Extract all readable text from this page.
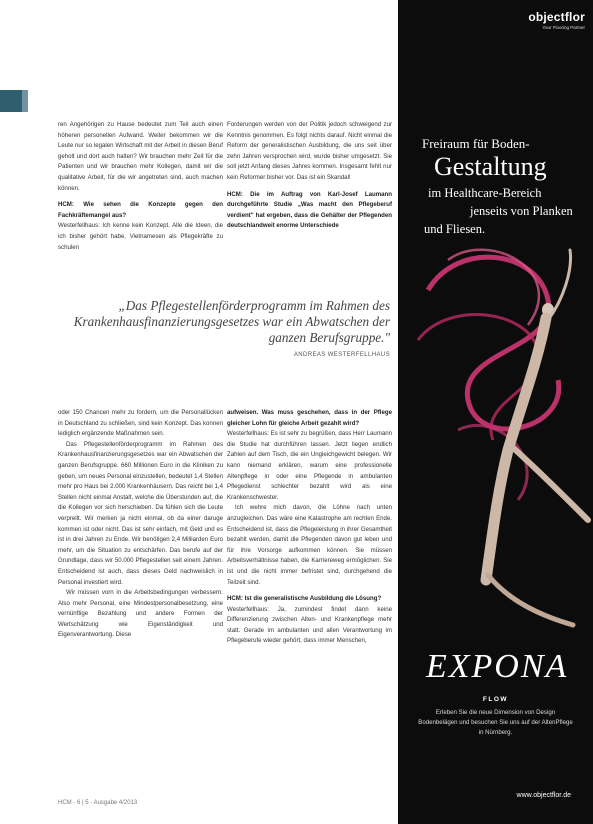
ren Angehörigen zu Hause bedeutet zum Teil auch einen höheren personellen Aufwand. Weiter bekommen wir die Leute nur so legalen Wirtschaft mit der Arbeit in diesen Beruf geholt und dort auch halten? Wir brauchen mehr Zeit für die Patienten und wir brauchen mehr Kollegen, damit wir die qualitative Arbeit, für die wir angetreten sind, auch machen können.

HCM: Wie sehen die Konzepte gegen den Fachkräftemangel aus?

Westerfellhaus: Ich kenne kein Konzept. Alle die Ideen, die ich bisher gehört habe, Vietnamesen als Pflegekräfte zu schulen

Forderungen werden von der Politik jedoch schweigend zur Kenntnis genommen. Es folgt nichts darauf. Nicht einmal die Reform der generalistischen Ausbildung, die uns seit über zehn Jahren versprochen wird, wurde bisher umgesetzt. Sie soll jetzt Anfang dieses Jahres kommen. Insgesamt fehlt nur kein Reformer bisher vor. Das ist ein Skandal!

HCM: Die im Auftrag von Karl-Josef Laumann durchgeführte Studie „Was macht den Pflegeberuf verdient" hat ergeben, dass die Gehälter der Pflegenden deutschlandweit enorme Unterschiede

„Das Pflegestellenförderprogramm im Rahmen des Krankenhausfinanzierungsgesetzes war ein Abwatschen der ganzen Berufsgruppe."
ANDREAS WESTERFELLHAUS

oder 150 Chancen mehr zu fordern, um die Personallücken in Deutschland zu schließen, sind kein Konzept. Das konnen lediglich ergänzende Maßnahmen sein.

Das Pflegestellenförderprogramm im Rahmen des Krankenhausfinanzierungsgesetzes war ein Abwatschen der ganzen Berufsgruppe. 660 Millionen Euro in die Kliniken zu geben, um neues Personal einzustellen, bedeutet 1,4 Stellen mehr pro Haus bei 2.000 Krankenhäusern. Das reicht bei 1,4 Stellen nicht einmal Anstalt, welche die Überstunden auf, die die Kollegen vor sich herschieben. Da fühlen sich die Leute verprellt. Wir merken ja nicht einmal, ob da einer daruge kommen ist oder nicht. Das ist sehr einfach, mit Geld und es ist in drei Jahren zu Ende. Wir benötigen 2,4 Milliarden Euro mehr, um die Situation zu entschärfen. Das berufe auf der Grundlage, dass wir 50.000 Pflegestellen seit einem Jahren. Entscheidend ist auch, dass dieses Geld nachweislich in Personal investiert wird.

Wir müssen vorn in die Arbeitsbedingungen verbessern. Also mehr Personal, eine Mindestpersonalbesetzung, eine vernünftige Bezahlung und andere Formen der Wertschätzung wie Eigenständigkeit und Eigenverantwortung. Diese

aufweisen. Was muss geschehen, dass in der Pflege gleicher Lohn für gleiche Arbeit gezahlt wird?

Westerfellhaus: Es ist sehr zu begrüßen, dass Herr Laumann die Studie hat durchführen lassen. Jetzt liegen endlich Zahlen auf dem Tisch, die ein Ungleichgewicht belegen. Wir kann niemand erklären, warum eine professionelle Altenpflege in oder eine Pflegende in ambulanten Pflegedienst schlechter bezahlt wird als eine Krankenschwester.

Ich wehre mich davon, die Löhne nach unten anzugleichen. Das wäre eine Katastrophe am rechten Ende. Entscheidend ist, dass die Pflegeleistung in ihrer Gesamtheit bezahlt werden, damit die Pflegenden davon gut leben und für ihre Vorsorge aufkommen können. Sie müssen Arbeitsverhältnisse haben, die Karriereweg ermöglichen. Sie ist und die nicht immer befristet sind, durchgehend die Teilzeit sind.

HCM: Ist die generalistische Ausbildung die Lösung?

Westerfellhaus: Ja, zumindest findet dann keine Differenzierung zwischen Alten- und Krankenpflege mehr statt. Gerade im ambulanten und allen Verantwortung im Pflegeberufe wieder gehört, dass immer Menschen,

HCM · 6 | 5 · Ausgabe 4/2013
objectflor
Your Flooring Partner
Freiraum für Boden-
Gestaltung
im Healthcare-Bereich
jenseits von Planken
und Fliesen.
EXPONA
FLOW
Erleben Sie die neue Dimension von Design Bodenbelägen und besuchen Sie uns auf der AltenPflege in Nürnberg.
www.objectflor.de
